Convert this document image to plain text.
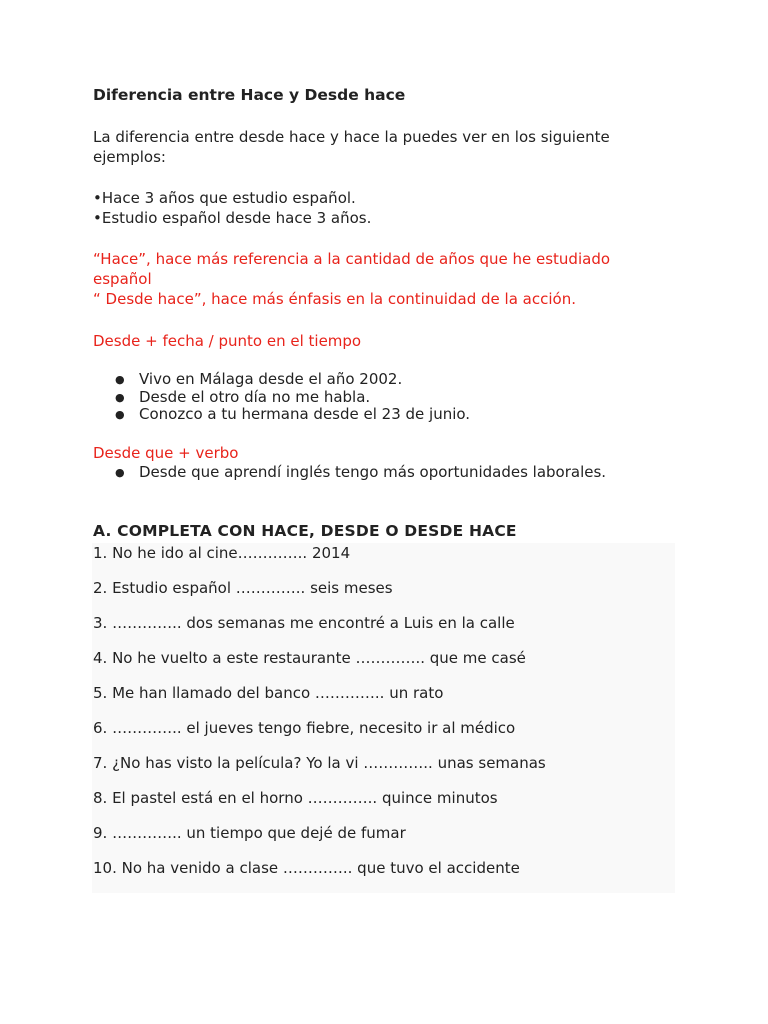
Diferencia entre Hace y Desde hace

La diferencia entre desde hace y hace la puedes ver en los siguiente ejemplos:

•Hace 3 años que estudio español.

•Estudio español desde hace 3 años.

“Hace”, hace más referencia a la cantidad de años que he estudiado español
“ Desde hace”, hace más énfasis en la continuidad de la acción.

Desde + fecha / punto en el tiempo

● Vivo en Málaga desde el año 2002.
● Desde el otro día no me habla.
● Conozco a tu hermana desde el 23 de junio.

Desde que + verbo

● Desde que aprendí inglés tengo más oportunidades laborales.
A. COMPLETA CON HACE, DESDE O DESDE HACE
1. No he ido al cine………….. 2014
2. Estudio español ………….. seis meses
3. ………….. dos semanas me encontré a Luis en la calle
4. No he vuelto a este restaurante ………….. que me casé
5. Me han llamado del banco ………….. un rato
6. ………….. el jueves tengo fiebre, necesito ir al médico
7. ¿No has visto la película? Yo la vi ………….. unas semanas
8. El pastel está en el horno ………….. quince minutos
9. ………….. un tiempo que dejé de fumar
10. No ha venido a clase ………….. que tuvo el accidente
